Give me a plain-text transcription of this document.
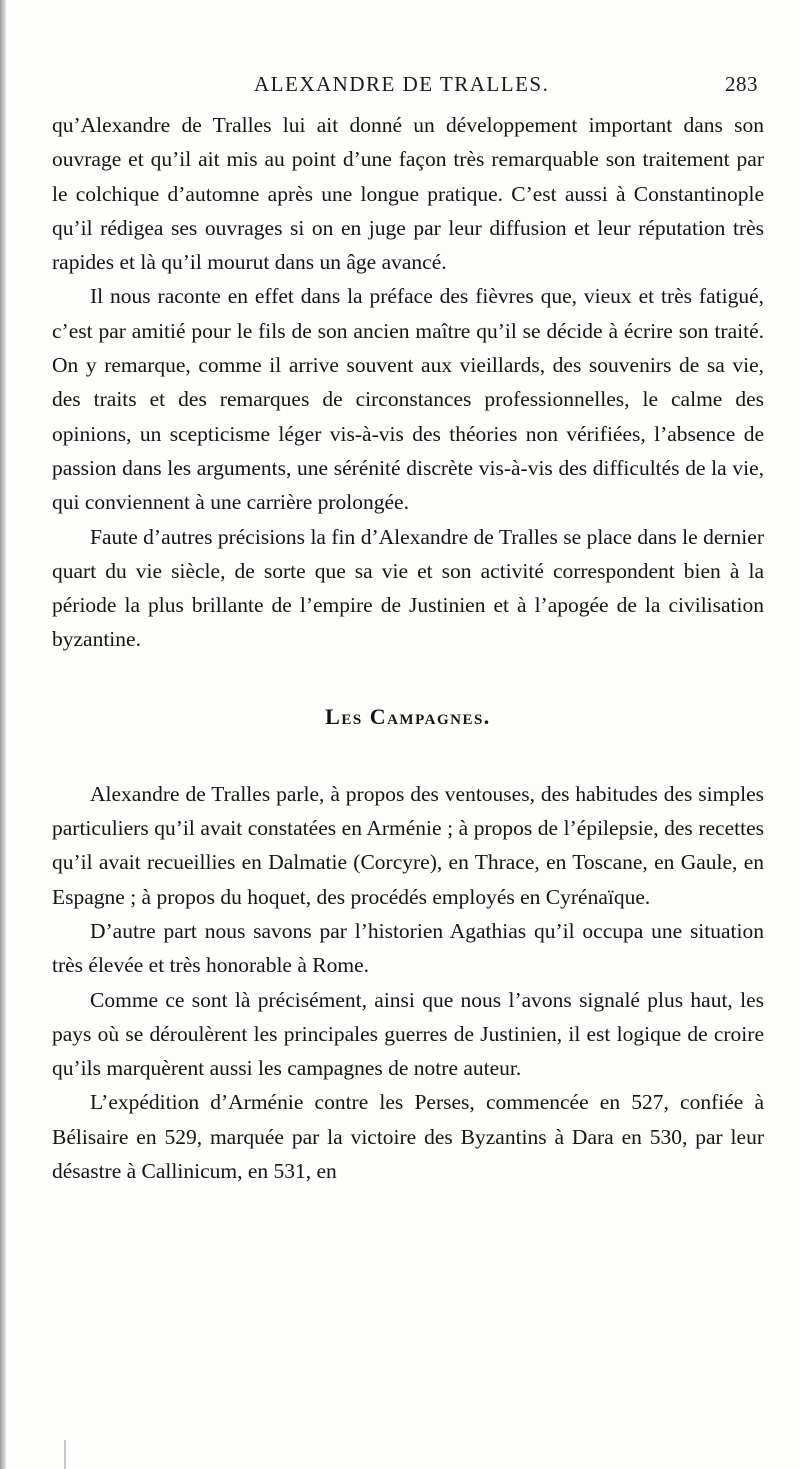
ALEXANDRE DE TRALLES.	283

qu’Alexandre de Tralles lui ait donné un développement important dans son ouvrage et qu’il ait mis au point d’une façon très remarquable son traitement par le colchique d’automne après une longue pratique. C’est aussi à Constantinople qu’il rédigea ses ouvrages si on en juge par leur diffusion et leur réputation très rapides et là qu’il mourut dans un âge avancé.

Il nous raconte en effet dans la préface des fièvres que, vieux et très fatigué, c’est par amitié pour le fils de son ancien maître qu’il se décide à écrire son traité. On y remarque, comme il arrive souvent aux vieillards, des souvenirs de sa vie, des traits et des remarques de circonstances professionnelles, le calme des opinions, un scepticisme léger vis-à-vis des théories non vérifiées, l’absence de passion dans les arguments, une sérénité discrète vis-à-vis des difficultés de la vie, qui conviennent à une carrière prolongée.

Faute d’autres précisions la fin d’Alexandre de Tralles se place dans le dernier quart du vie siècle, de sorte que sa vie et son activité correspondent bien à la période la plus brillante de l’empire de Justinien et à l’apogée de la civilisation byzantine.

Les Campagnes.

Alexandre de Tralles parle, à propos des ventouses, des habitudes des simples particuliers qu’il avait constatées en Arménie ; à propos de l’épilepsie, des recettes qu’il avait recueillies en Dalmatie (Corcyre), en Thrace, en Toscane, en Gaule, en Espagne ; à propos du hoquet, des procédés employés en Cyrénaïque.

D’autre part nous savons par l’historien Agathias qu’il occupa une situation très élevée et très honorable à Rome.

Comme ce sont là précisément, ainsi que nous l’avons signalé plus haut, les pays où se déroulèrent les principales guerres de Justinien, il est logique de croire qu’ils marquèrent aussi les campagnes de notre auteur.

L’expédition d’Arménie contre les Perses, commencée en 527, confiée à Bélisaire en 529, marquée par la victoire des Byzantins à Dara en 530, par leur désastre à Callinicum, en 531, en
